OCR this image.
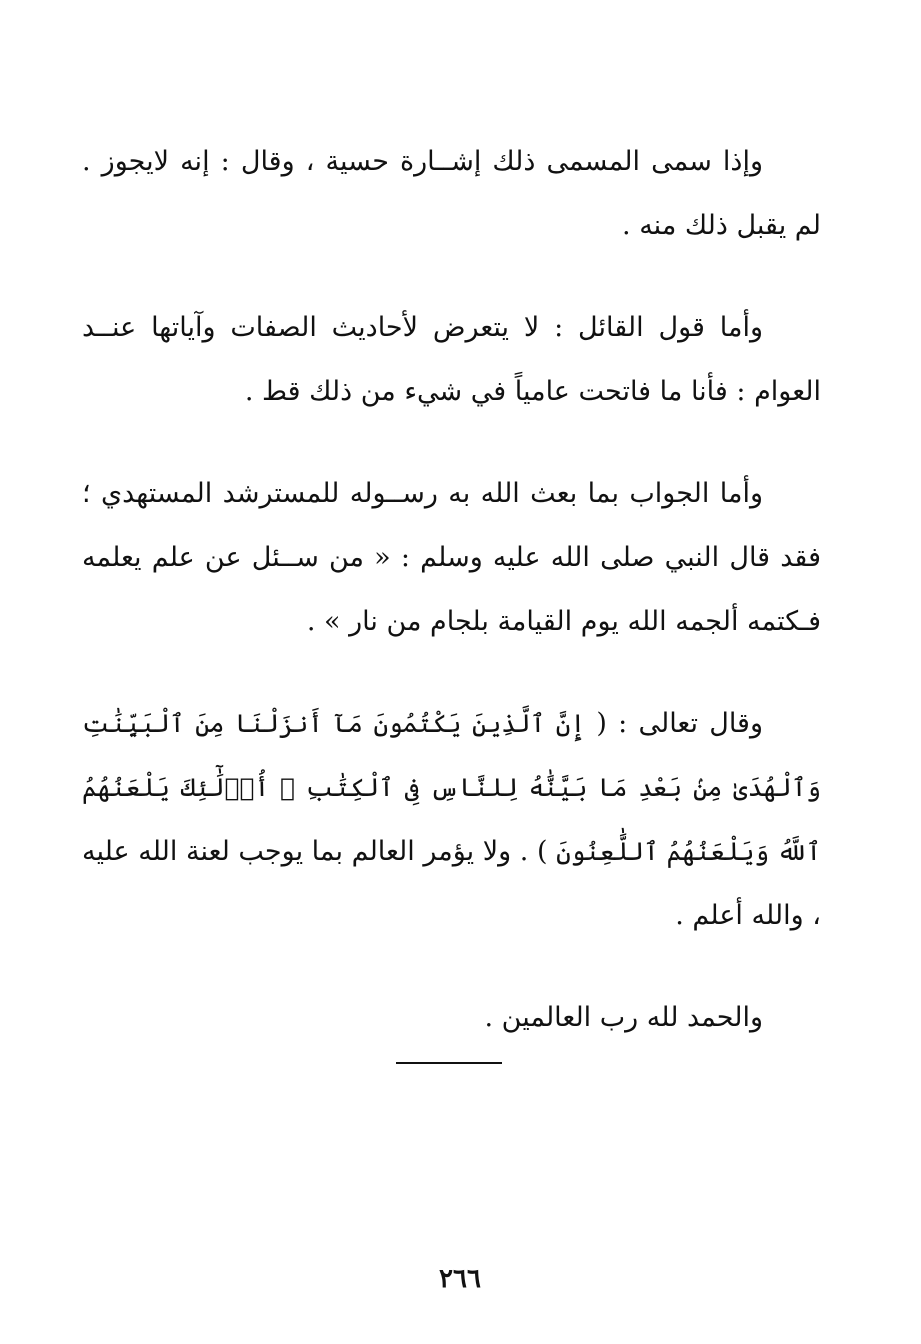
وإذا سمى المسمى ذلك إشــارة حسية ، وقال : إنه لايجوز . لم يقبل ذلك منه .

وأما قول القائل : لا يتعرض لأحاديث الصفات وآياتها عنــد العوام : فأنا ما فاتحت عامياً في شيء من ذلك قط .

وأما الجواب بما بعث الله به رســوله للمسترشد المستهدي ؛ فقد قال النبي صلى الله عليه وسلم : « من ســئل عن علم يعلمه فـكتمه ألجمه الله يوم القيامة بلجام من نار » .

وقال تعالى : ( إِنَّ ٱلَّذِينَ يَكْتُمُونَ مَآ أَنزَلْنَا مِنَ ٱلْبَيِّنَٰتِ وَٱلْهُدَىٰ مِنۢ بَعْدِ مَا بَيَّنَّٰهُ لِلنَّاسِ فِى ٱلْكِتَٰبِ ۙ أُو۟لَٰٓئِكَ يَلْعَنُهُمُ ٱللَّهُ وَيَلْعَنُهُمُ ٱللَّٰعِنُونَ ) . ولا يؤمر العالم بما يوجب لعنة الله عليه ، والله أعلم .

والحمد لله رب العالمين .

٢٦٦
